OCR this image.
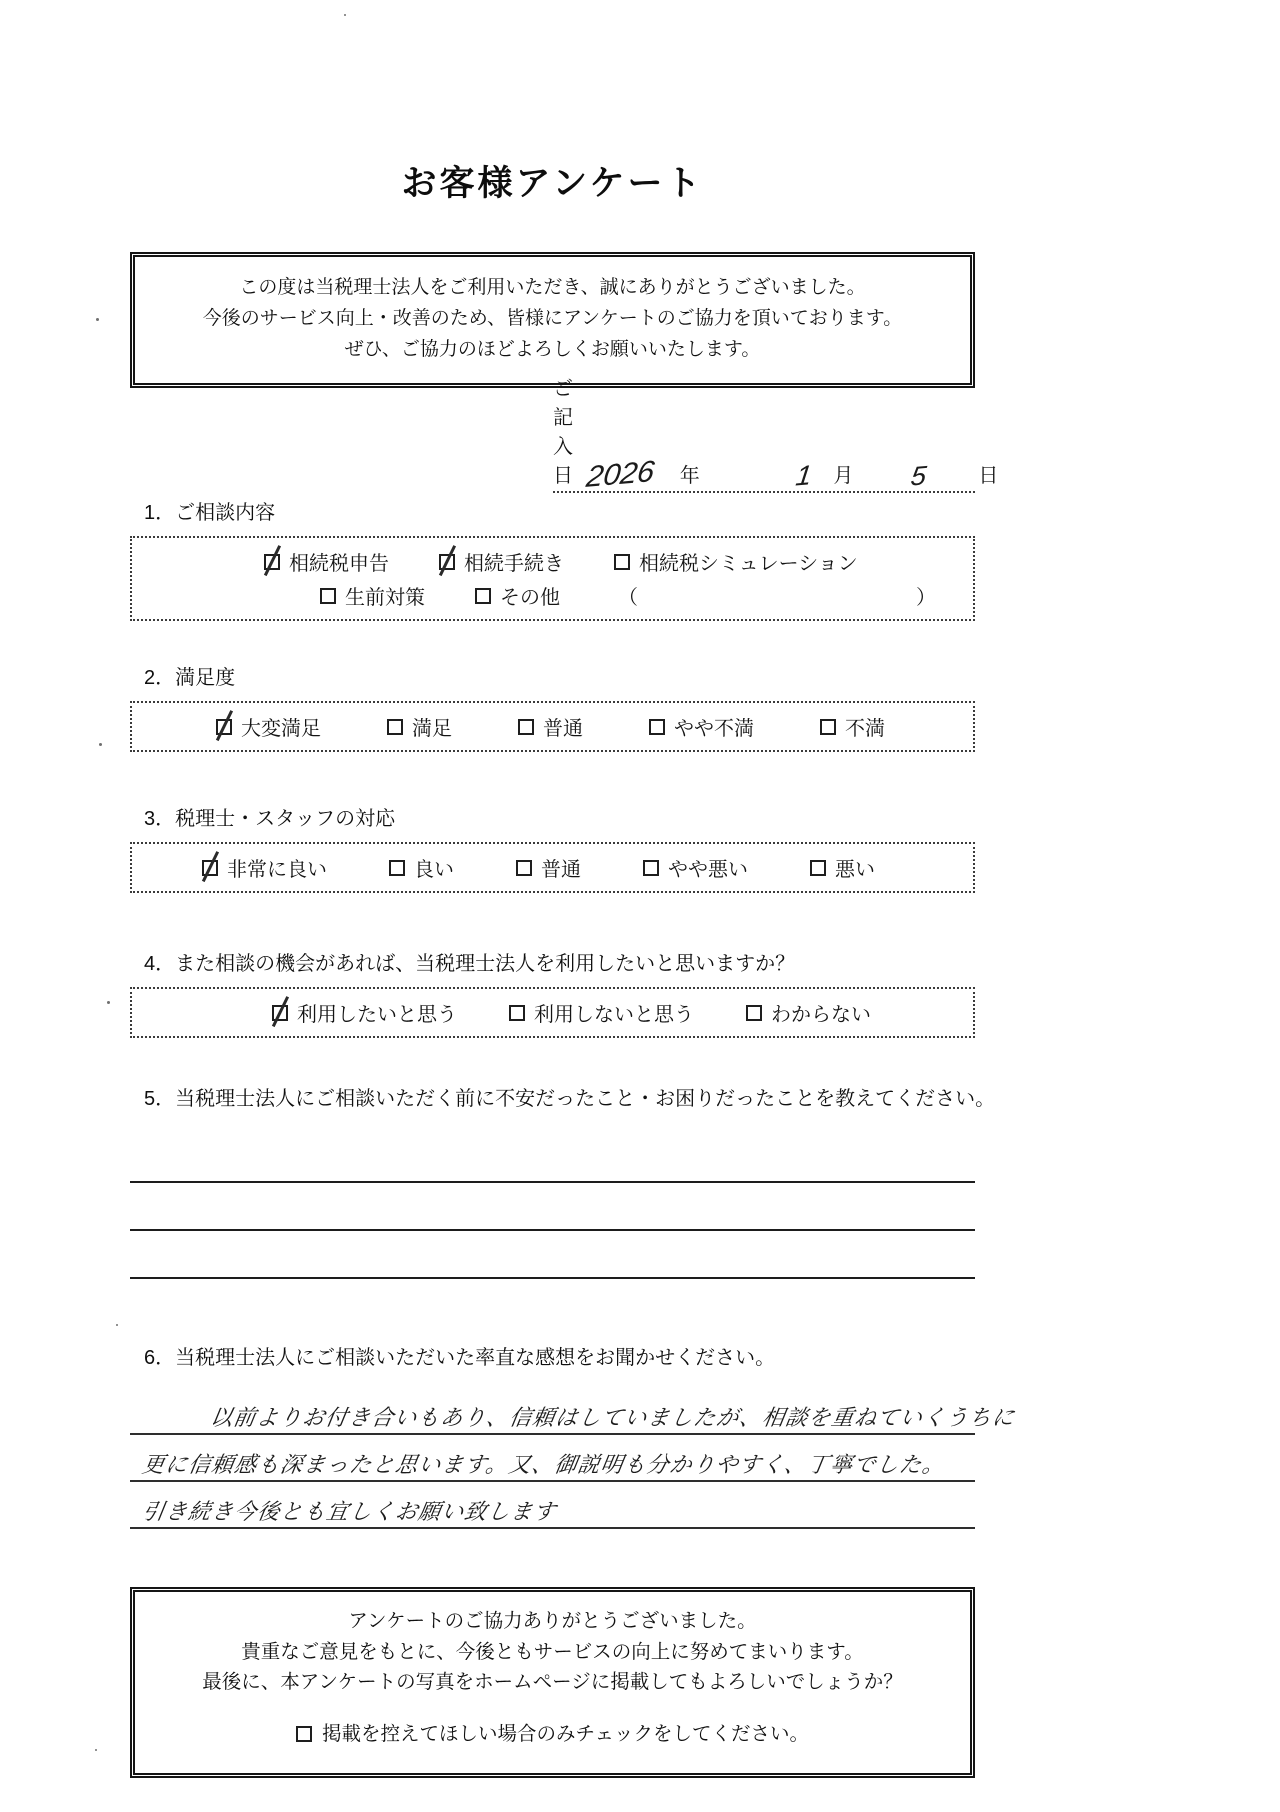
お客様アンケート
この度は当税理士法人をご利用いただき、誠にありがとうございました。
今後のサービス向上・改善のため、皆様にアンケートのご協力を頂いております。
ぜひ、ご協力のほどよろしくお願いいたします。
ご記入日 2026 年	1 月 5 日
1．ご相談内容
相続税申告	相続手続き	相続税シミュレーション
生前対策	その他	（	）
2．満足度
大変満足	満足	普通	やや不満	不満
3．税理士・スタッフの対応
非常に良い	良い	普通	やや悪い	悪い
4．また相談の機会があれば、当税理士法人を利用したいと思いますか？
利用したいと思う	利用しないと思う	わからない
5．当税理士法人にご相談いただく前に不安だったこと・お困りだったことを教えてください。
6．当税理士法人にご相談いただいた率直な感想をお聞かせください。
以前よりお付き合いもあり、信頼はしていましたが、相談を重ねていくうちに
更に信頼感も深まったと思います。又、御説明も分かりやすく、丁寧でした。
引き続き今後とも宜しくお願い致します
アンケートのご協力ありがとうございました。
貴重なご意見をもとに、今後ともサービスの向上に努めてまいります。
最後に、本アンケートの写真をホームページに掲載してもよろしいでしょうか？
掲載を控えてほしい場合のみチェックをしてください。
